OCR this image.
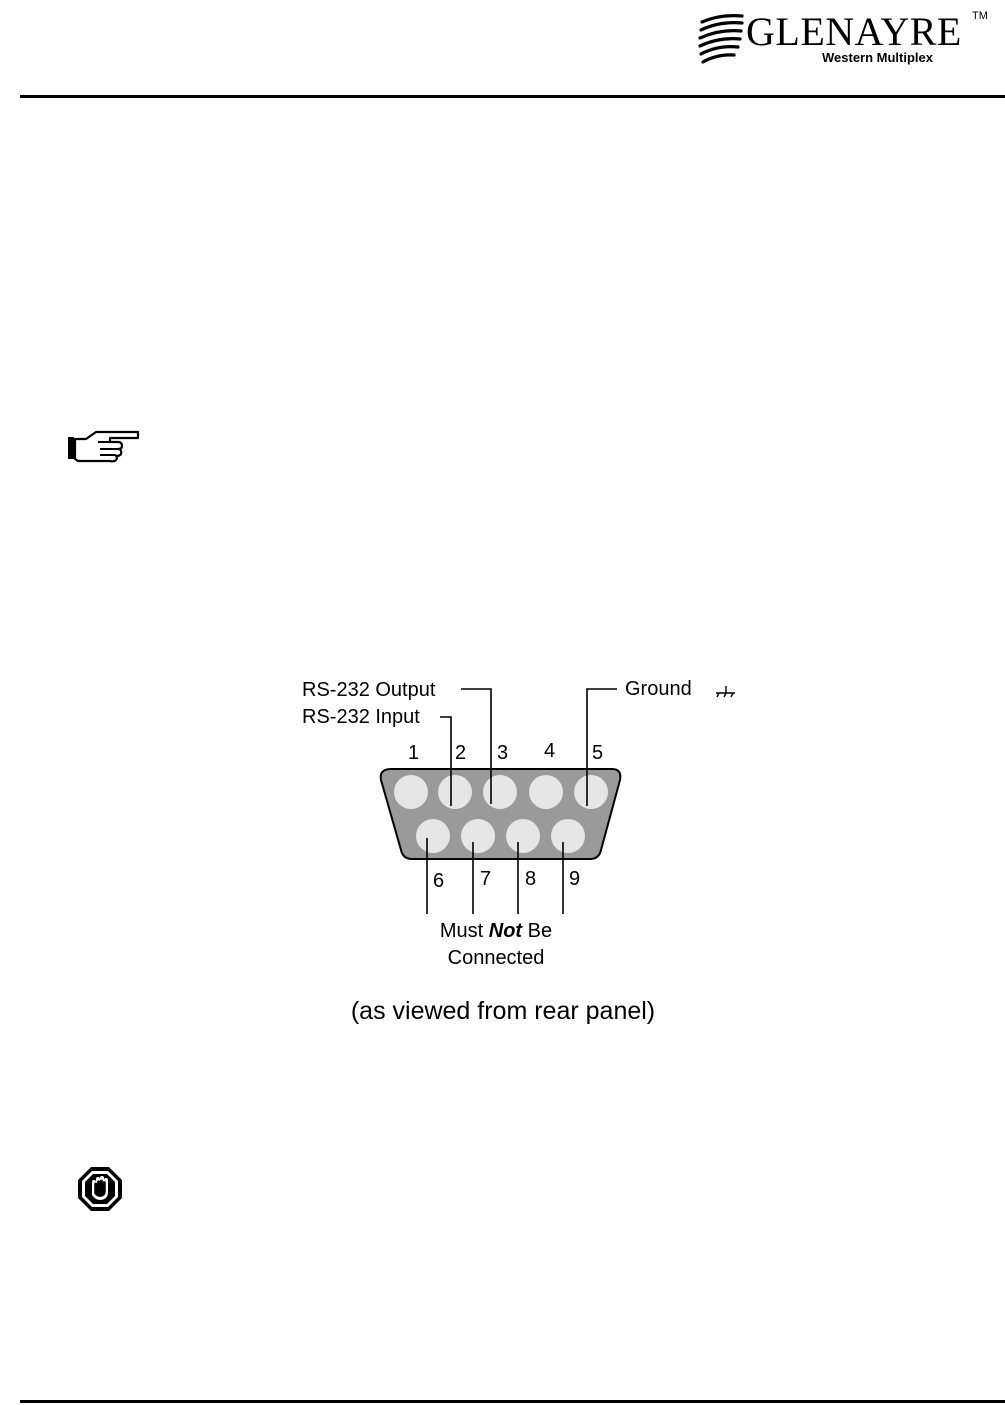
GLENAYRE TM
Western Multiplex
RS-232 Output
RS-232 Input
Ground
1 2 3 4 5
6 7 8 9
Must Not Be
Connected
(as viewed from rear panel)
